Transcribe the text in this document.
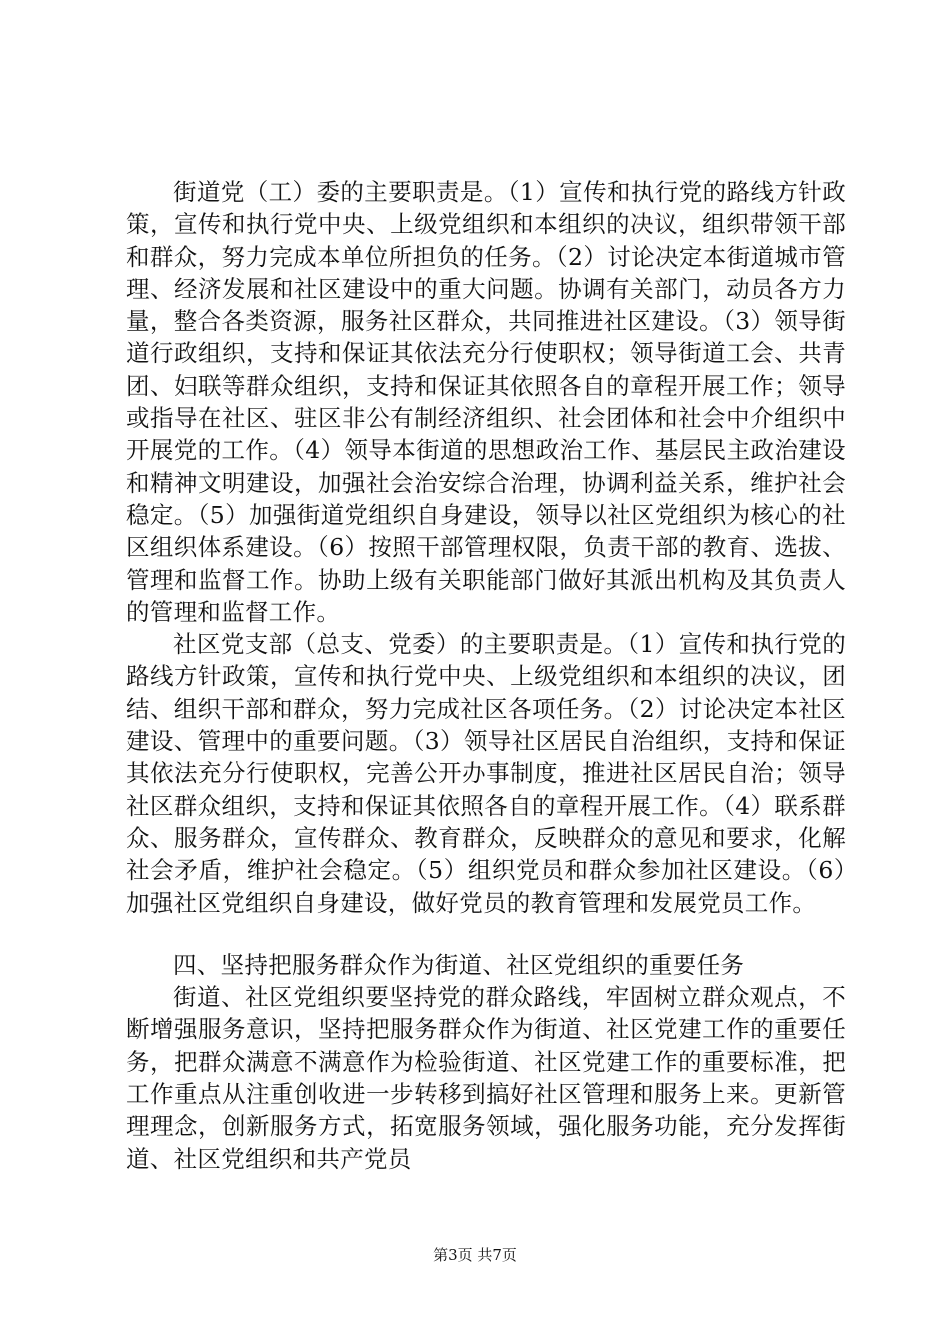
街道党（工）委的主要职责是。（1）宣传和执行党的路线方针政策，宣传和执行党中央、上级党组织和本组织的决议，组织带领干部和群众，努力完成本单位所担负的任务。（2）讨论决定本街道城市管理、经济发展和社区建设中的重大问题。协调有关部门，动员各方力量，整合各类资源，服务社区群众，共同推进社区建设。（3）领导街道行政组织，支持和保证其依法充分行使职权；领导街道工会、共青团、妇联等群众组织，支持和保证其依照各自的章程开展工作；领导或指导在社区、驻区非公有制经济组织、社会团体和社会中介组织中开展党的工作。（4）领导本街道的思想政治工作、基层民主政治建设和精神文明建设，加强社会治安综合治理，协调利益关系，维护社会稳定。（5）加强街道党组织自身建设，领导以社区党组织为核心的社区组织体系建设。（6）按照干部管理权限，负责干部的教育、选拔、管理和监督工作。协助上级有关职能部门做好其派出机构及其负责人的管理和监督工作。

社区党支部（总支、党委）的主要职责是。（1）宣传和执行党的路线方针政策，宣传和执行党中央、上级党组织和本组织的决议，团结、组织干部和群众，努力完成社区各项任务。（2）讨论决定本社区建设、管理中的重要问题。（3）领导社区居民自治组织，支持和保证其依法充分行使职权，完善公开办事制度，推进社区居民自治；领导社区群众组织，支持和保证其依照各自的章程开展工作。（4）联系群众、服务群众，宣传群众、教育群众，反映群众的意见和要求，化解社会矛盾，维护社会稳定。（5）组织党员和群众参加社区建设。（6）加强社区党组织自身建设，做好党员的教育管理和发展党员工作。

四、坚持把服务群众作为街道、社区党组织的重要任务

街道、社区党组织要坚持党的群众路线，牢固树立群众观点，不断增强服务意识，坚持把服务群众作为街道、社区党建工作的重要任务，把群众满意不满意作为检验街道、社区党建工作的重要标准，把工作重点从注重创收进一步转移到搞好社区管理和服务上来。更新管理理念，创新服务方式，拓宽服务领域，强化服务功能，充分发挥街道、社区党组织和共产党员

第3页 共7页
